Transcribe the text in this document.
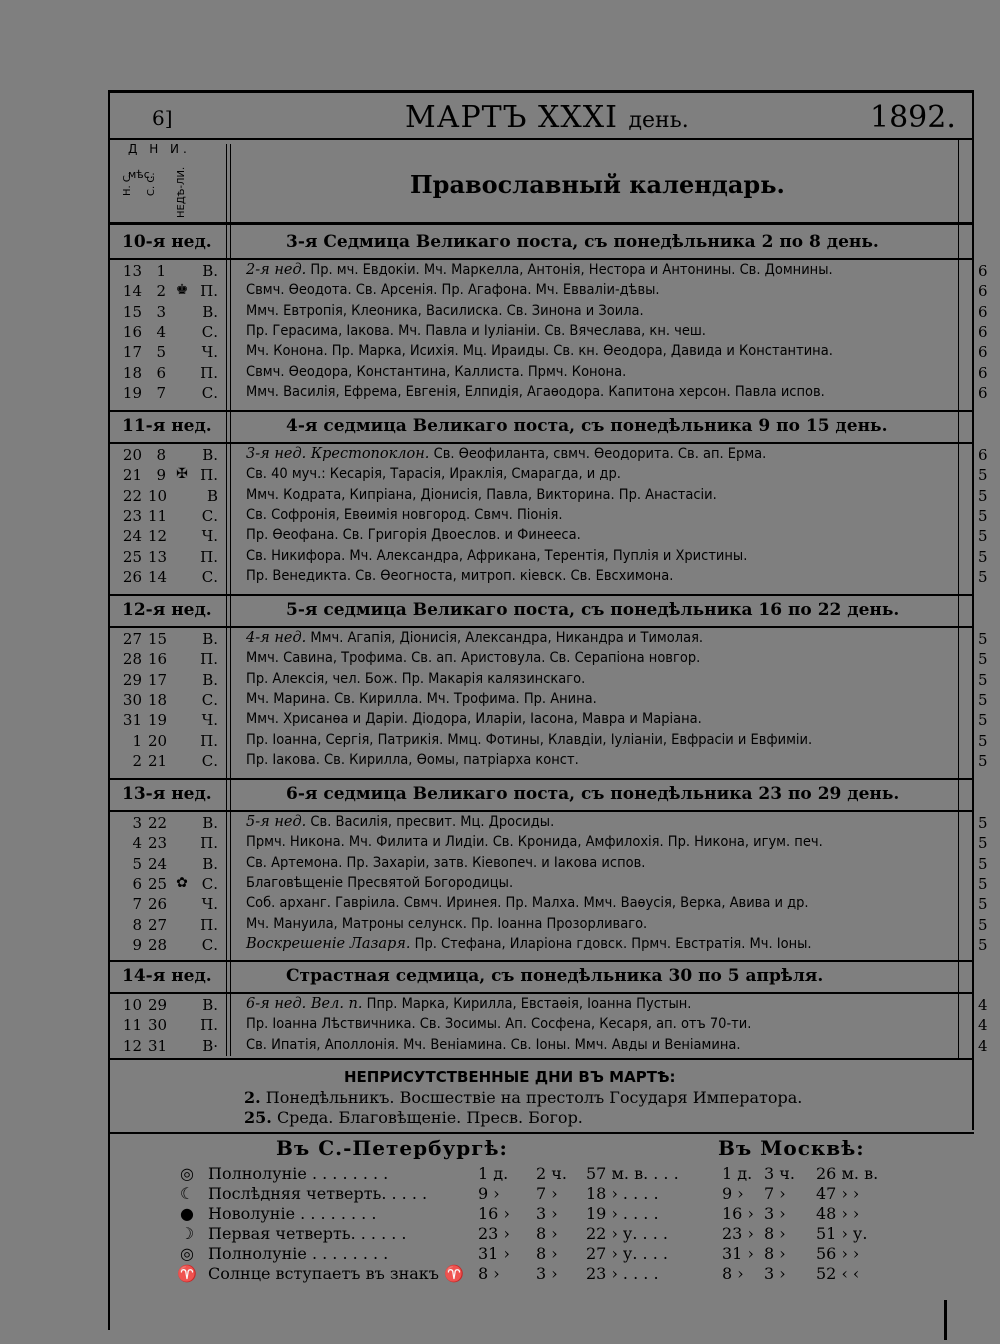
6]	МАРТЪ XXXI день.	1892.
Д Н И.
мѣс.
Н. С. С. С. НЕДѢ-ЛИ.	Православный календарь.
10-я нед.	3-я Седмица Великаго поста, съ понедѣльника 2 по 8 день.
13 1	В. 2-я нед. Пр. мч. Евдокіи. Мч. Маркелла, Антонія, Нестора и Антонины. Св. Домнины.	6
14 2 ♚ П. Свмч. Ѳеодота. Св. Арсенія. Пр. Агафона. Мч. Евваліи-дѣвы.	6
15 3	В. Ммч. Евтропія, Клеоника, Василиска. Св. Зинона и Зоила.	6
16 4	С. Пр. Герасима, Іакова. Мч. Павла и Іуліаніи. Св. Вячеслава, кн. чеш.	6
17 5	Ч. Мч. Конона. Пр. Марка, Исихія. Мц. Ираиды. Св. кн. Ѳеодора, Давида и Константина.	6
18 6 П. Свмч. Ѳеодора, Константина, Каллиста. Прмч. Конона.	6
19 7	С. Ммч. Василія, Ефрема, Евгенія, Елпидія, Агаѳодора. Капитона херсон. Павла испов.	6
11-я нед.	4-я седмица Великаго поста, съ понедѣльника 9 по 15 день.
20 8	В. 3-я нед. Крестопоклон. Св. Ѳеофиланта, свмч. Ѳеодорита. Св. ап. Ерма.	6
21 9 ✠ П. Св. 40 муч.: Кесарія, Тарасія, Ираклія, Смарагда, и др.	5
22 10	В Ммч. Кодрата, Кипріана, Діонисія, Павла, Викторина. Пр. Анастасіи.	5
23 11	С. Св. Софронія, Евѳимія новгород. Свмч. Піонія.	5
24 12	Ч. Пр. Ѳеофана. Св. Григорія Двоеслов. и Финееса.	5
25 13 П. Св. Никифора. Мч. Александра, Африкана, Терентія, Пуплія и Христины.	5
26 14	С. Пр. Венедикта. Св. Ѳеогноста, митроп. кіевск. Св. Евсхимона.	5
12-я нед.	5-я седмица Великаго поста, съ понедѣльника 16 по 22 день.
27 15	В. 4-я нед. Ммч. Агапія, Діонисія, Александра, Никандра и Тимолая.	5
28 16 П. Ммч. Савина, Трофима. Св. ап. Аристовула. Св. Серапіона новгор.	5
29 17	В. Пр. Алексія, чел. Бож. Пр. Макарія калязинскаго.	5
30 18	С. Мч. Марина. Св. Кирилла. Мч. Трофима. Пр. Анина.	5
31 19	Ч. Ммч. Хрисанѳа и Даріи. Діодора, Иларіи, Іасона, Мавра и Маріана.	5
1 20 П. Пр. Іоанна, Сергія, Патрикія. Ммц. Фотины, Клавдіи, Іуліаніи, Евфрасіи и Евфиміи.	5
2 21	С. Пр. Іакова. Св. Кирилла, Ѳомы, патріарха конст.	5
13-я нед.	6-я седмица Великаго поста, съ понедѣльника 23 по 29 день.
3 22	В. 5-я нед. Св. Василія, пресвит. Мц. Дросиды.	5
4 23 П. Прмч. Никона. Мч. Филита и Лидіи. Св. Кронида, Амфилохія. Пр. Никона, игум. печ.	5
5 24	В. Св. Артемона. Пр. Захаріи, затв. Кіевопеч. и Іакова испов.	5
6 25 ✿ С. Благовѣщеніе Пресвятой Богородицы.	5
7 26	Ч. Соб. арханг. Гавріила. Свмч. Иринея. Пр. Малха. Ммч. Ваѳусія, Верка, Авива и др.	5
8 27 П. Мч. Мануила, Матроны селунск. Пр. Іоанна Прозорливаго.	5
9 28	С. Воскрешеніе Лазаря. Пр. Стефана, Иларіона гдовск. Прмч. Евстратія. Мч. Іоны.	5
14-я нед.	Страстная седмица, съ понедѣльника 30 по 5 апрѣля.
10 29	В. 6-я нед. Вел. п. Ппр. Марка, Кирилла, Евстаѳія, Іоанна Пустын.	4
11 30 П. Пр. Іоанна Лѣствичника. Св. Зосимы. Ап. Сосфена, Кесаря, ап. отъ 70-ти.	4
12 31	В· Св. Ипатія, Аполлонія. Мч. Веніамина. Св. Іоны. Ммч. Авды и Веніамина.	4
НЕПРИСУТСТВЕННЫЕ ДНИ ВЪ МАРТѢ:
2. Понедѣльникъ. Восшествіе на престолъ Государя Императора.
25. Среда. Благовѣщеніе. Пресв. Богор.
Въ С.-Петербургѣ:	Въ Москвѣ:
◎ Полнолуніе . . . . . . . .	1 д. 2 ч. 57 м. в. . . .	1 д. 3 ч. 26 м. в.
☾ Послѣдняя четверть. . . . .	9 › 7 › 18 › . . . .	9 › 7 › 47 › ›
● Новолуніе . . . . . . . .	16 › 3 › 19 › . . . .	16 › 3 › 48 › ›
☽ Первая четверть. . . . . .	23 › 8 › 22 › у. . . .	23 › 8 › 51 › у.
◎ Полнолуніе . . . . . . . .	31 › 8 › 27 › у. . . .	31 › 8 › 56 › ›
♈ Солнце вступаетъ въ знакъ ♈ 8 › 3 › 23 › . . . .	8 › 3 › 52 ‹ ‹
